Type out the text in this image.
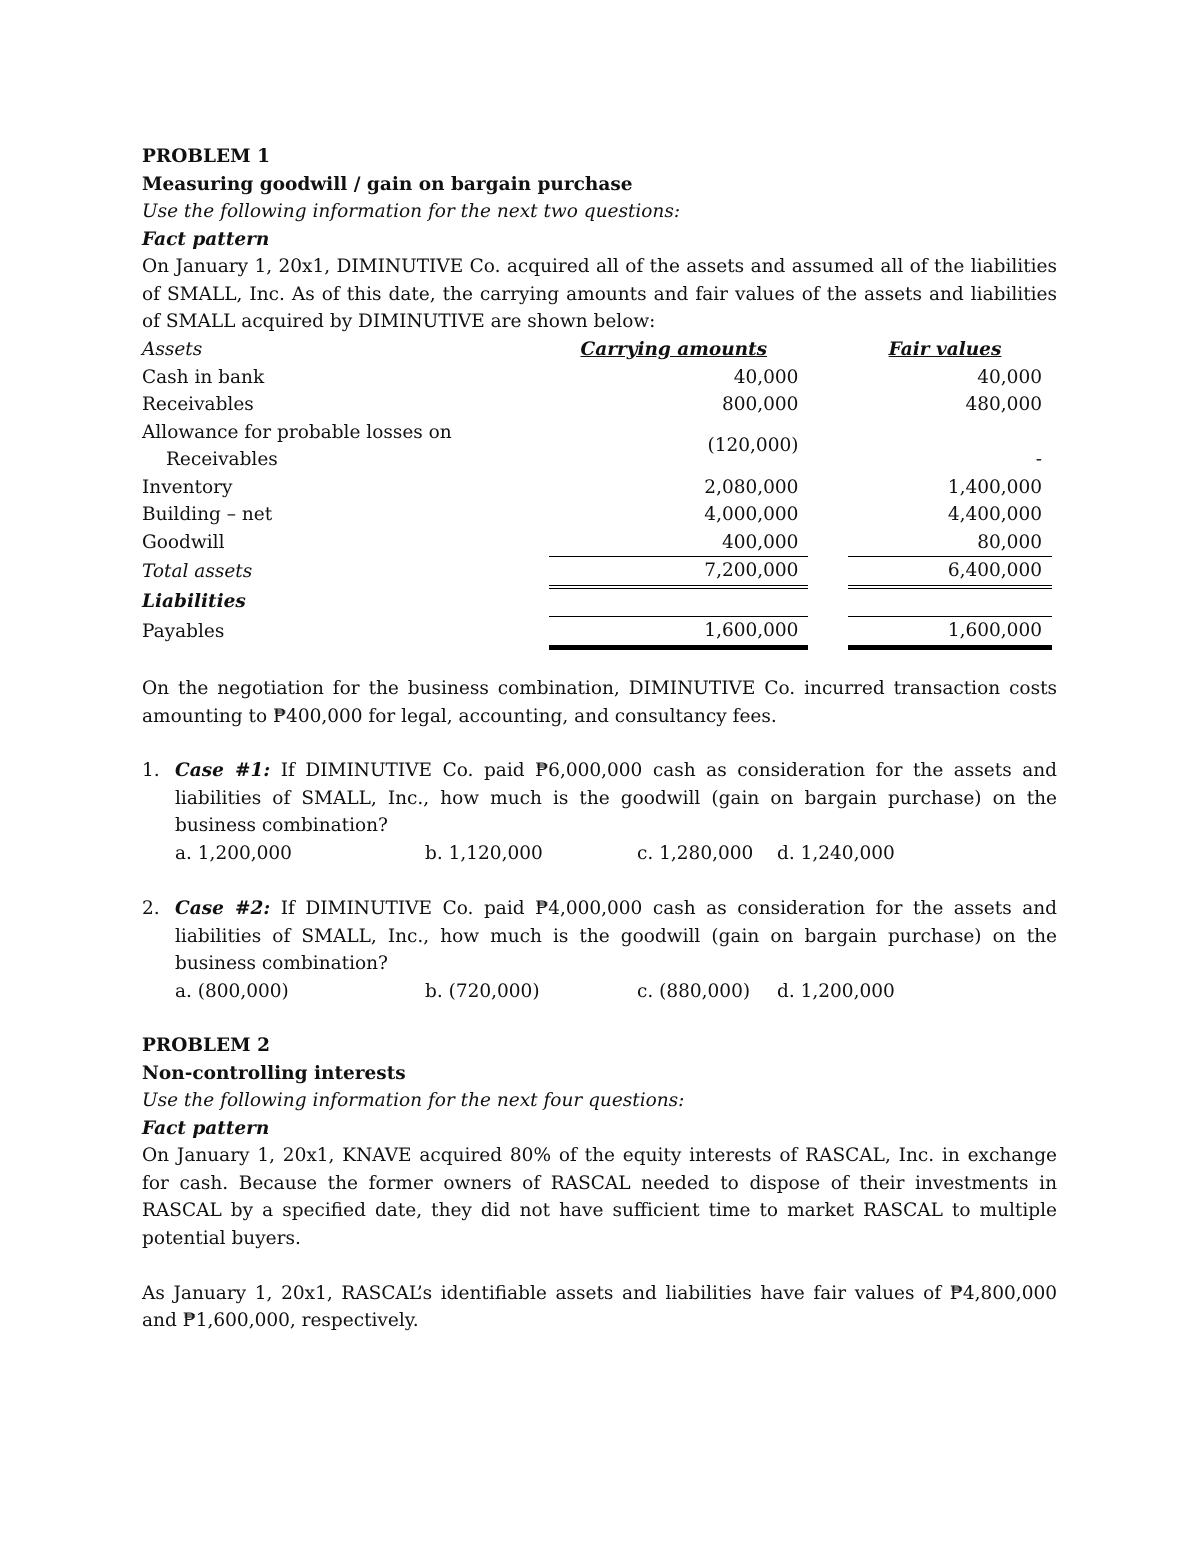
PROBLEM 1
Measuring goodwill / gain on bargain purchase
Use the following information for the next two questions:
Fact pattern
On January 1, 20x1, DIMINUTIVE Co. acquired all of the assets and assumed all of the liabilities of SMALL, Inc. As of this date, the carrying amounts and fair values of the assets and liabilities of SMALL acquired by DIMINUTIVE are shown below:
Assets	Carrying amounts		Fair values
Cash in bank	40,000		40,000
Receivables	800,000		480,000

Allowance for probable losses on
Receivables	(120,000)		-
Inventory	2,080,000		1,400,000
Building – net	4,000,000		4,400,000
Goodwill	400,000		80,000
Total assets	7,200,000		6,400,000
Liabilities			
Payables	1,600,000		1,600,000
On the negotiation for the business combination, DIMINUTIVE Co. incurred transaction costs amounting to ₱400,000 for legal, accounting, and consultancy fees.
1. Case #1: If DIMINUTIVE Co. paid ₱6,000,000 cash as consideration for the assets and liabilities of SMALL, Inc., how much is the goodwill (gain on bargain purchase) on the business combination?
a. 1,200,000	b. 1,120,000	c. 1,280,000	d. 1,240,000
2. Case #2: If DIMINUTIVE Co. paid ₱4,000,000 cash as consideration for the assets and liabilities of SMALL, Inc., how much is the goodwill (gain on bargain purchase) on the business combination?
a. (800,000)	b. (720,000)	c. (880,000)	d. 1,200,000
PROBLEM 2
Non-controlling interests
Use the following information for the next four questions:
Fact pattern
On January 1, 20x1, KNAVE acquired 80% of the equity interests of RASCAL, Inc. in exchange for cash. Because the former owners of RASCAL needed to dispose of their investments in RASCAL by a specified date, they did not have sufficient time to market RASCAL to multiple potential buyers.
As January 1, 20x1, RASCAL’s identifiable assets and liabilities have fair values of ₱4,800,000 and ₱1,600,000, respectively.
